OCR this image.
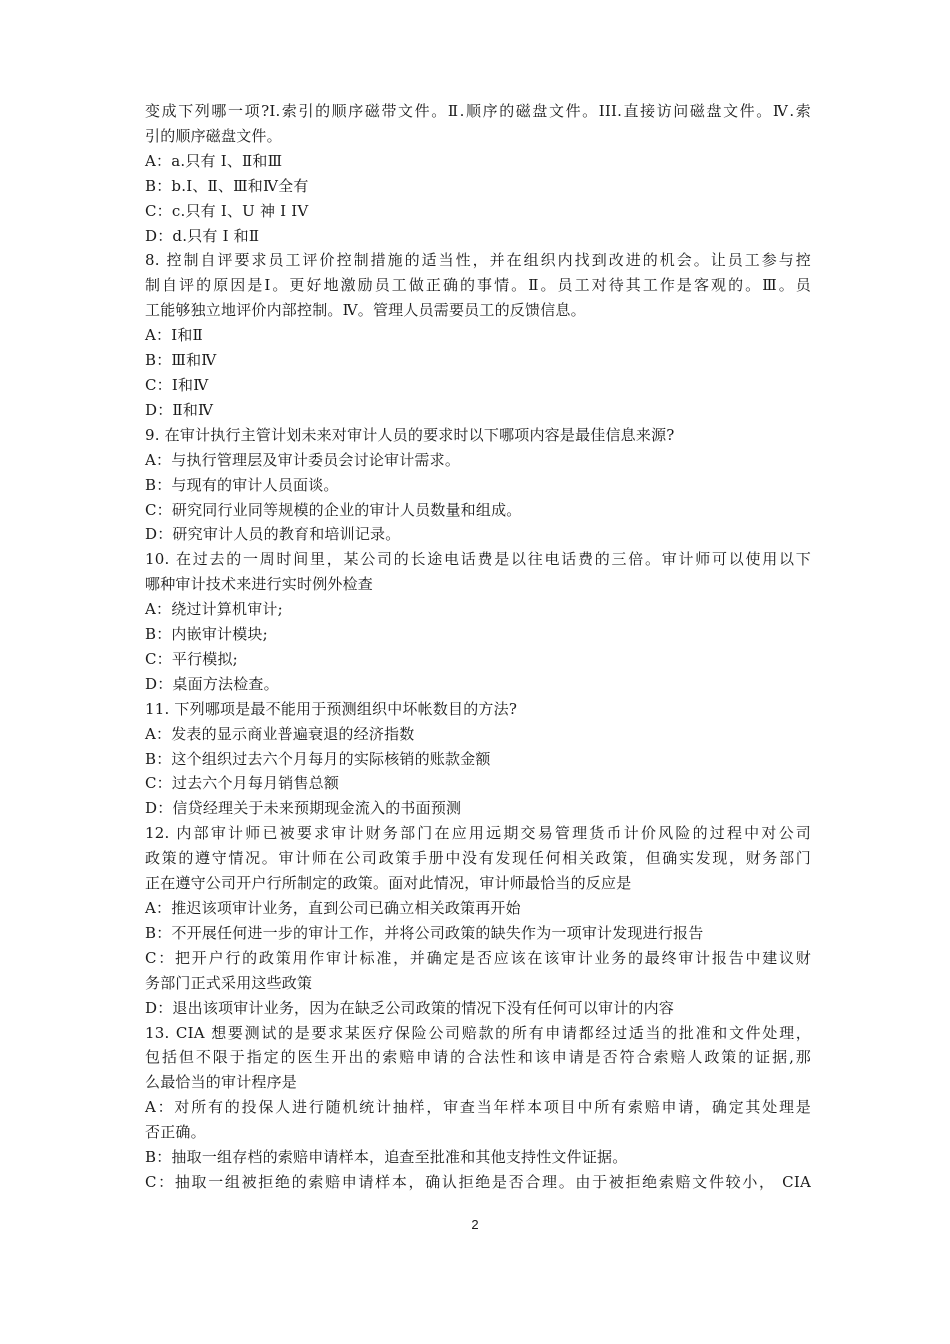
变成下列哪一项?I.索引的顺序磁带文件。Ⅱ.顺序的磁盘文件。III.直接访问磁盘文件。Ⅳ.索
引的顺序磁盘文件。
A：a.只有 I、Ⅱ和Ⅲ
B：b.I、Ⅱ、Ⅲ和Ⅳ全有
C：c.只有 I、U 神 I IV
D：d.只有 I 和Ⅱ
8. 控制自评要求员工评价控制措施的适当性，并在组织内找到改进的机会。让员工参与控
制自评的原因是Ⅰ。更好地激励员工做正确的事情。Ⅱ。员工对待其工作是客观的。Ⅲ。员
工能够独立地评价内部控制。Ⅳ。管理人员需要员工的反馈信息。
A：Ⅰ和Ⅱ
B：Ⅲ和Ⅳ
C：Ⅰ和Ⅳ
D：Ⅱ和Ⅳ
9. 在审计执行主管计划未来对审计人员的要求时以下哪项内容是最佳信息来源?
A：与执行管理层及审计委员会讨论审计需求。
B：与现有的审计人员面谈。
C：研究同行业同等规模的企业的审计人员数量和组成。
D：研究审计人员的教育和培训记录。
10. 在过去的一周时间里，某公司的长途电话费是以往电话费的三倍。审计师可以使用以下
哪种审计技术来进行实时例外检查
A：绕过计算机审计;
B：内嵌审计模块;
C：平行模拟;
D：桌面方法检查。
11. 下列哪项是最不能用于预测组织中坏帐数目的方法?
A：发表的显示商业普遍衰退的经济指数
B：这个组织过去六个月每月的实际核销的账款金额
C：过去六个月每月销售总额
D：信贷经理关于未来预期现金流入的书面预测
12. 内部审计师已被要求审计财务部门在应用远期交易管理货币计价风险的过程中对公司
政策的遵守情况。审计师在公司政策手册中没有发现任何相关政策，但确实发现，财务部门
正在遵守公司开户行所制定的政策。面对此情况，审计师最恰当的反应是
A：推迟该项审计业务，直到公司已确立相关政策再开始
B：不开展任何进一步的审计工作，并将公司政策的缺失作为一项审计发现进行报告
C：把开户行的政策用作审计标准，并确定是否应该在该审计业务的最终审计报告中建议财
务部门正式采用这些政策
D：退出该项审计业务，因为在缺乏公司政策的情况下没有任何可以审计的内容
13. CIA 想要测试的是要求某医疗保险公司赔款的所有申请都经过适当的批准和文件处理，
包括但不限于指定的医生开出的索赔申请的合法性和该申请是否符合索赔人政策的证据,那
么最恰当的审计程序是
A：对所有的投保人进行随机统计抽样，审查当年样本项目中所有索赔申请，确定其处理是
否正确。
B：抽取一组存档的索赔申请样本，追查至批准和其他支持性文件证据。
C：抽取一组被拒绝的索赔申请样本，确认拒绝是否合理。由于被拒绝索赔文件较小， CIA
2
